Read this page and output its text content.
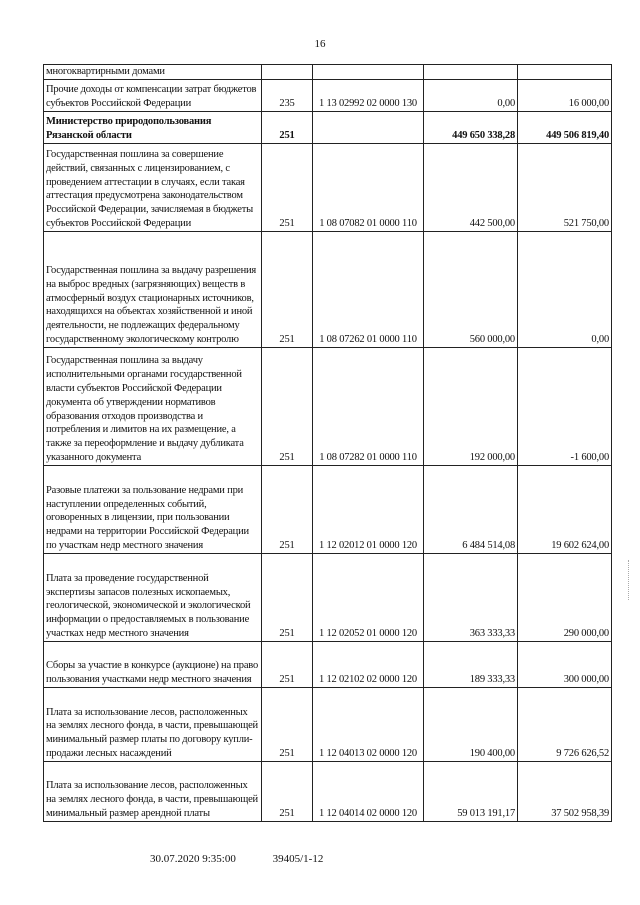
16
многоквартирными домами				
Прочие доходы от компенсации затрат бюджетов субъектов Российской Федерации	235	1 13 02992 02 0000 130	0,00	16 000,00
Министерство природопользования Рязанской области	251		449 650 338,28	449 506 819,40
Государственная пошлина за совершение действий, связанных с лицензированием, с проведением аттестации в случаях, если такая аттестация предусмотрена законодательством Российской Федерации, зачисляемая в бюджеты субъектов Российской Федерации	251	1 08 07082 01 0000 110	442 500,00	521 750,00
Государственная пошлина за выдачу разрешения на выброс вредных (загрязняющих) веществ в атмосферный воздух стационарных источников, находящихся на объектах хозяйственной и иной деятельности, не подлежащих федеральному государственному экологическому контролю	251	1 08 07262 01 0000 110	560 000,00	0,00
Государственная пошлина за выдачу исполнительными органами государственной власти субъектов Российской Федерации документа об утверждении нормативов образования отходов производства и потребления и лимитов на их размещение, а также за переоформление и выдачу дубликата указанного документа	251	1 08 07282 01 0000 110	192 000,00	-1 600,00
Разовые платежи за пользование недрами при наступлении определенных событий, оговоренных в лицензии, при пользовании недрами на территории Российской Федерации по участкам недр местного значения	251	1 12 02012 01 0000 120	6 484 514,08	19 602 624,00
Плата за проведение государственной экспертизы запасов полезных ископаемых, геологической, экономической и экологической информации о предоставляемых в пользование участках недр местного значения	251	1 12 02052 01 0000 120	363 333,33	290 000,00
Сборы за участие в конкурсе (аукционе) на право пользования участками недр местного значения	251	1 12 02102 02 0000 120	189 333,33	300 000,00
Плата за использование лесов, расположенных на землях лесного фонда, в части, превышающей минимальный размер платы по договору купли-продажи лесных насаждений	251	1 12 04013 02 0000 120	190 400,00	9 726 626,52
Плата за использование лесов, расположенных на землях лесного фонда, в части, превышающей минимальный размер арендной платы	251	1 12 04014 02 0000 120	59 013 191,17	37 502 958,39
30.07.2020 9:35:00	39405/1-12
